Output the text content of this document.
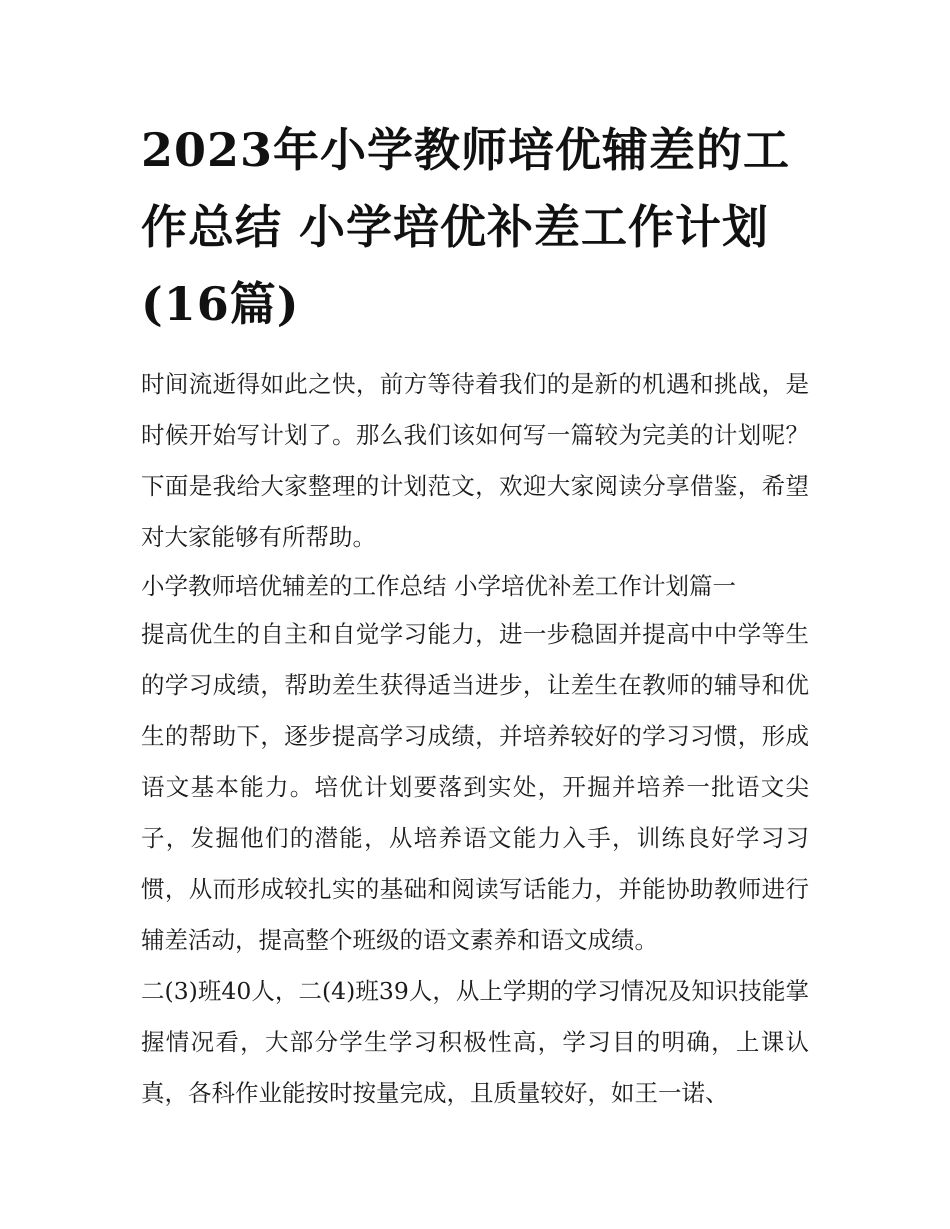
2023年小学教师培优辅差的工作总结 小学培优补差工作计划(16篇)

时间流逝得如此之快，前方等待着我们的是新的机遇和挑战，是时候开始写计划了。那么我们该如何写一篇较为完美的计划呢？下面是我给大家整理的计划范文，欢迎大家阅读分享借鉴，希望对大家能够有所帮助。

小学教师培优辅差的工作总结 小学培优补差工作计划篇一

提高优生的自主和自觉学习能力，进一步稳固并提高中中学等生的学习成绩，帮助差生获得适当进步，让差生在教师的辅导和优生的帮助下，逐步提高学习成绩，并培养较好的学习习惯，形成语文基本能力。培优计划要落到实处，开掘并培养一批语文尖子，发掘他们的潜能，从培养语文能力入手，训练良好学习习惯，从而形成较扎实的基础和阅读写话能力，并能协助教师进行辅差活动，提高整个班级的语文素养和语文成绩。

二(3)班40人，二(4)班39人，从上学期的学习情况及知识技能掌握情况看，大部分学生学习积极性高，学习目的明确，上课认真，各科作业能按时按量完成，且质量较好，如王一诺、
